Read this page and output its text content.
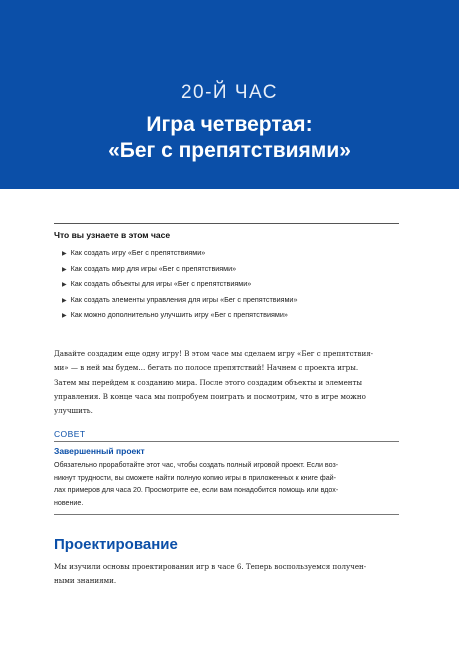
20-Й ЧАС
Игра четвертая:
«Бег с препятствиями»
Что вы узнаете в этом часе
▶ Как создать игру «Бег с препятствиями»
▶ Как создать мир для игры «Бег с препятствиями»
▶ Как создать объекты для игры «Бег с препятствиями»
▶ Как создать элементы управления для игры «Бег с препятствиями»
▶ Как можно дополнительно улучшить игру «Бег с препятствиями»
Давайте создадим еще одну игру! В этом часе мы сделаем игру «Бег с препятствия-
ми» — в ней мы будем… бегать по полосе препятствий! Начнем с проекта игры.
Затем мы перейдем к созданию мира. После этого создадим объекты и элементы
управления. В конце часа мы попробуем поиграть и посмотрим, что в игре можно
улучшить.
СОВЕТ
Завершенный проект
Обязательно проработайте этот час, чтобы создать полный игровой проект. Если воз-
никнут трудности, вы сможете найти полную копию игры в приложенных к книге фай-
лах примеров для часа 20. Просмотрите ее, если вам понадобится помощь или вдох-
новение.
Проектирование
Мы изучили основы проектирования игр в часе 6. Теперь воспользуемся получен-
ными знаниями.
